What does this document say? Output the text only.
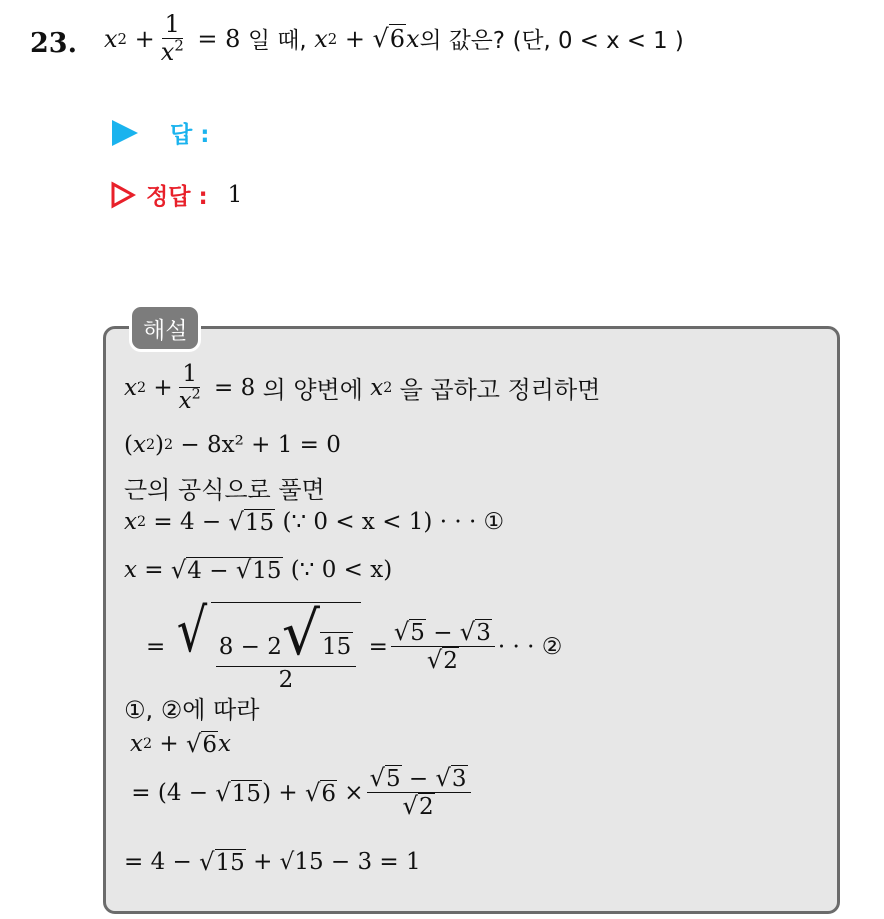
23. x $2 + \frac{1}{x^2} = 8$ 일 때,
x 2 + √6 x 의 값은?
(단, 0 < x < 1 )
답 :
정답 : 1
해설
x $2 + \frac{1}{x^2} = 8$ 의 양변에
x 2
을 곱하고 정리하면
( x 2 ) 2
− 8x² + 1 = 0
근의 공식으로 풀면
x 2 = 4 − √15
(∵ 0 < x < 1) · · · ①
x = √4 − √15
(∵ 0 < x)
= √ $\frac{8 - 2√15}{2} = \frac{√5 - √3}{√2}$ · · · ②
①, ②에 따라
x 2 + √6 x
= (4 − √15 ) + $√6 \times \frac{√5 - √3}{√2}$
= 4 − √15
+ √15 − 3 = 1
